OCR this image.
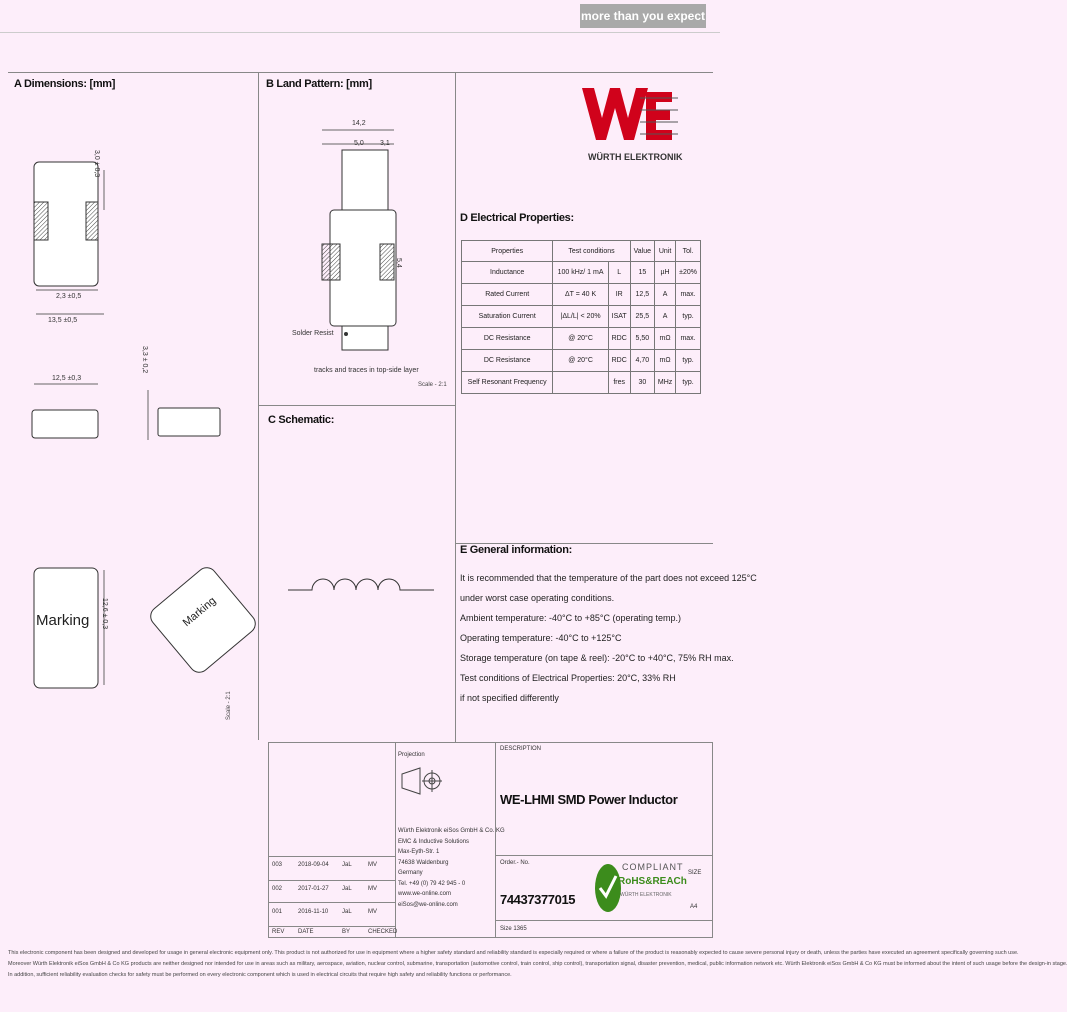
more than you expect
A Dimensions: [mm]	B Land Pattern: [mm]
C Schematic:
D Electrical Properties:
E General information:
3,0 ± 0,3
2,3 ±0,5
13,5 ±0,5
12,5 ±0,3
3,3 ± 0,2
12,6 ± 0,3
Marking	Marking
Scale - 2:1
14,2
5,0 3,1
5,4
Solder Resist
tracks and traces in top-side layer
Scale - 2:1
WÜRTH ELEKTRONIK
Properties	Test conditions		Value	Unit	Tol.
Inductance	100 kHz/ 1 mA	L	15	µH	±20%
Rated Current	ΔT = 40 K	IR	12,5	A	max.
Saturation Current	|ΔL/L| < 20%	ISAT	25,5	A	typ.
DC Resistance	@ 20°C	RDC	5,50	mΩ	max.
DC Resistance	@ 20°C	RDC	4,70	mΩ	typ.
Self Resonant Frequency		fres	30	MHz	typ.
It is recommended that the temperature of the part does not exceed 125°C
under worst case operating conditions.
Ambient temperature: -40°C to +85°C (operating temp.)
Operating temperature: -40°C to +125°C
Storage temperature (on tape & reel): -20°C to +40°C, 75% RH max.
Test conditions of Electrical Properties: 20°C, 33% RH
if not specified differently
Projection
DESCRIPTION
WE-LHMI SMD Power Inductor
Order.- No.
74437377015
Size 1365
SIZE
A4
COMPLIANT
RoHS&REACh
WÜRTH ELEKTRONIK
Würth Elektronik eiSos GmbH & Co. KG
EMC & Inductive Solutions
Max-Eyth-Str. 1
74638 Waldenburg
Germany
Tel. +49 (0) 79 42 945 - 0
www.we-online.com
eiSos@we-online.com
003	2018-09-04 JaL	MV
002	2017-01-27 JaL	MV
001	2016-11-10 JaL	MV
REV DATE	BY	CHECKED
This electronic component has been designed and developed for usage in general electronic equipment only. This product is not authorized for use in equipment where a higher safety standard and reliability standard is especially required or where a failure of the product is reasonably expected to cause severe personal injury or death, unless the parties have executed an agreement specifically governing such use.
Moreover Würth Elektronik eiSos GmbH & Co KG products are neither designed nor intended for use in areas such as military, aerospace, aviation, nuclear control, submarine, transportation (automotive control, train control, ship control), transportation signal, disaster prevention, medical, public information network etc. Würth Elektronik eiSos GmbH & Co KG must be informed about the intent of such usage before the design-in stage.
In addition, sufficient reliability evaluation checks for safety must be performed on every electronic component which is used in electrical circuits that require high safety and reliability functions or performance.
